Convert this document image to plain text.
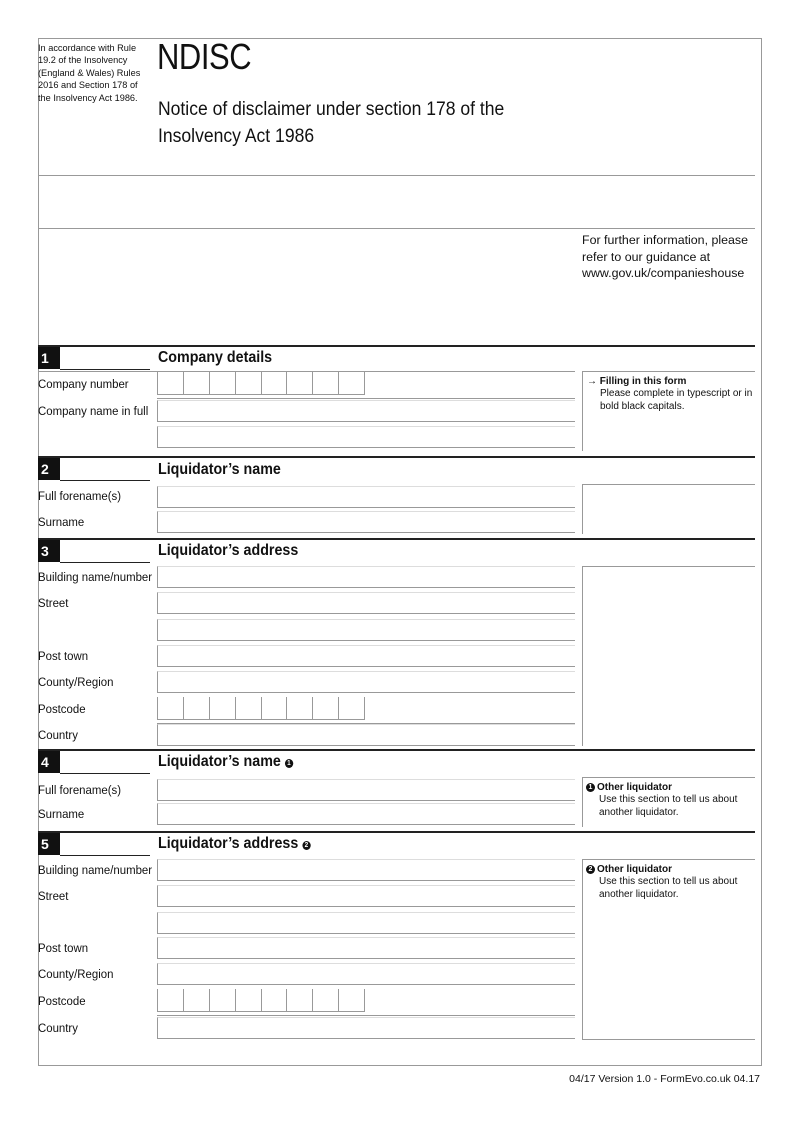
In accordance with Rule 19.2 of the Insolvency (England & Wales) Rules 2016 and Section 178 of the Insolvency Act 1986.
NDISC
Notice of disclaimer under section 178 of the Insolvency Act 1986
For further information, please refer to our guidance at www.gov.uk/companieshouse
1	Company details
Company number
Company name in full
→ Filling in this form
Please complete in typescript or in bold black capitals.
2	Liquidator’s name
Full forename(s)
Surname
3	Liquidator’s address
Building name/number
Street
Post town
County/Region
Postcode
Country
4	Liquidator’s name 1
Full forename(s)
Surname
1 Other liquidator
Use this section to tell us about another liquidator.
5	Liquidator’s address 2
Building name/number
Street
Post town
County/Region
Postcode
Country
2 Other liquidator
Use this section to tell us about another liquidator.
04/17 Version 1.0 - FormEvo.co.uk 04.17
